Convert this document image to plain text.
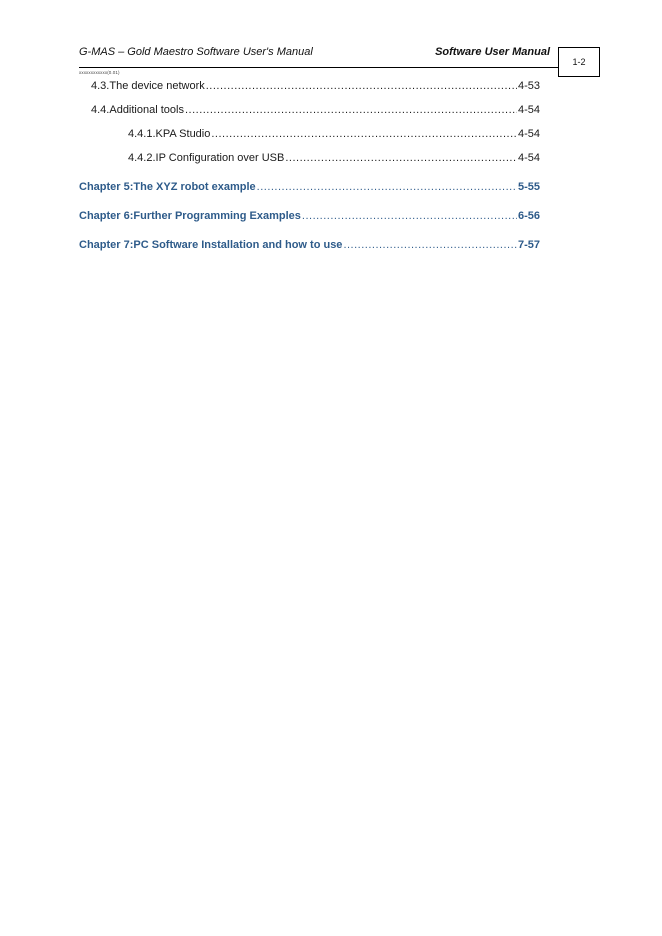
G-MAS – Gold Maestro Software User's Manual	Software User Manual
xxxxxxxxxxxx(0.01)
1-2
4.3. The device network .....	4-53
4.4. Additional tools .....	4-54
4.4.1. KPA Studio .....	4-54
4.4.2. IP Configuration over USB .....	4-54
Chapter 5: The XYZ robot example .....	5-55
Chapter 6: Further Programming Examples .....	6-56
Chapter 7: PC Software Installation and how to use .....	7-57
